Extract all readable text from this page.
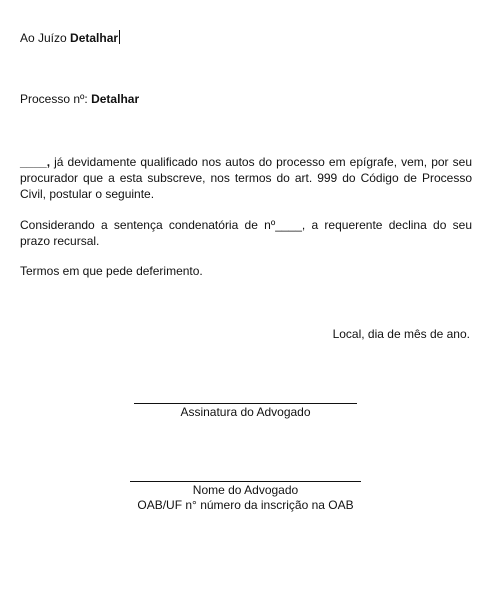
Ao Juízo Detalhar
Processo nº: Detalhar
____, já devidamente qualificado nos autos do processo em epígrafe, vem, por seu procurador que a esta subscreve, nos termos do art. 999 do Código de Processo Civil, postular o seguinte.
Considerando a sentença condenatória de nº____, a requerente declina do seu prazo recursal.
Termos em que pede deferimento.
Local, dia de mês de ano.
Assinatura do Advogado
Nome do Advogado
OAB/UF n° número da inscrição na OAB
